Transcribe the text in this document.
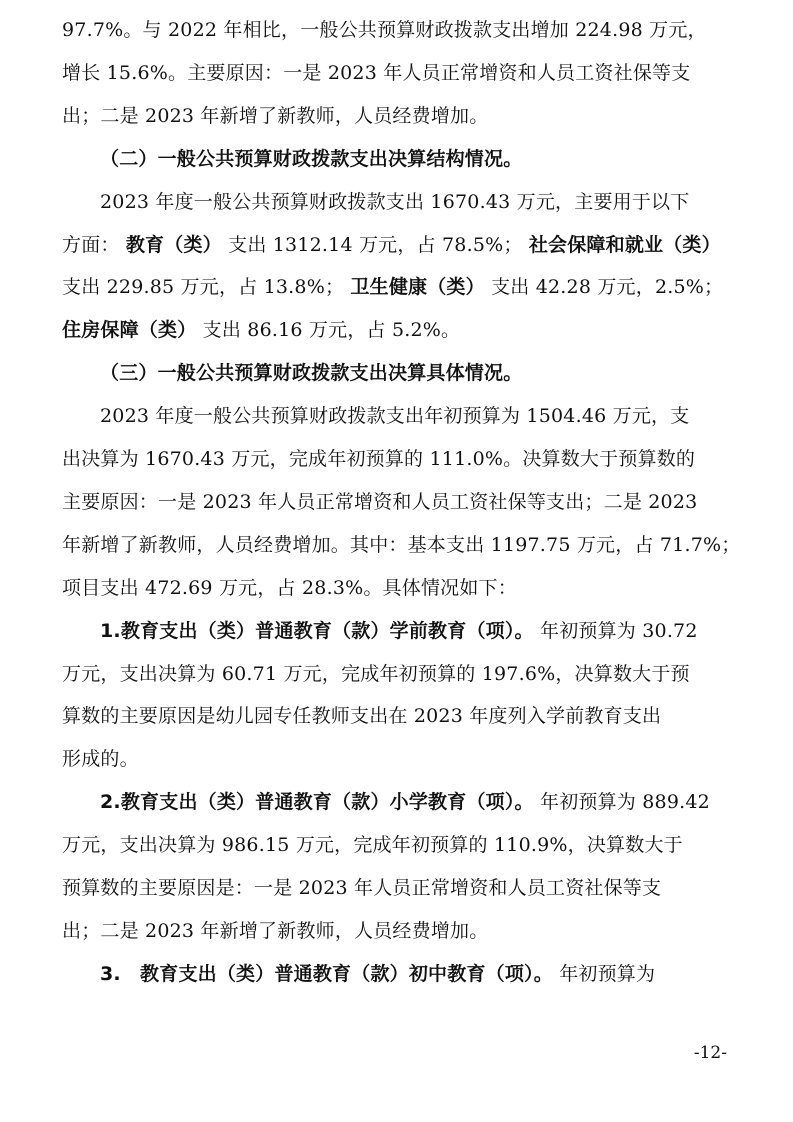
97.7%。与 2022 年相比，一般公共预算财政拨款支出增加 224.98 万元，
增长 15.6%。主要原因：一是 2023 年人员正常增资和人员工资社保等支
出；二是 2023 年新增了新教师，人员经费增加。
（二）一般公共预算财政拨款支出决算结构情况。
2023 年度一般公共预算财政拨款支出 1670.43 万元，主要用于以下
方面： 教育（类） 支出 1312.14 万元，占 78.5%； 社会保障和就业（类）
支出 229.85 万元，占 13.8%； 卫生健康（类） 支出 42.28 万元，2.5%；
住房保障（类） 支出 86.16 万元，占 5.2%。
（三）一般公共预算财政拨款支出决算具体情况。
2023 年度一般公共预算财政拨款支出年初预算为 1504.46 万元，支
出决算为 1670.43 万元，完成年初预算的 111.0%。决算数大于预算数的
主要原因：一是 2023 年人员正常增资和人员工资社保等支出；二是 2023
年新增了新教师，人员经费增加。其中：基本支出 1197.75 万元，占 71.7%；
项目支出 472.69 万元，占 28.3%。具体情况如下：
1.教育支出（类）普通教育（款）学前教育（项）。 年初预算为 30.72
万元，支出决算为 60.71 万元，完成年初预算的 197.6%，决算数大于预
算数的主要原因是幼儿园专任教师支出在 2023 年度列入学前教育支出
形成的。
2.教育支出（类）普通教育（款）小学教育（项）。 年初预算为 889.42
万元，支出决算为 986.15 万元，完成年初预算的 110.9%，决算数大于
预算数的主要原因是：一是 2023 年人员正常增资和人员工资社保等支
出；二是 2023 年新增了新教师，人员经费增加。
3.　教育支出（类）普通教育（款）初中教育（项）。 年初预算为
-12-
